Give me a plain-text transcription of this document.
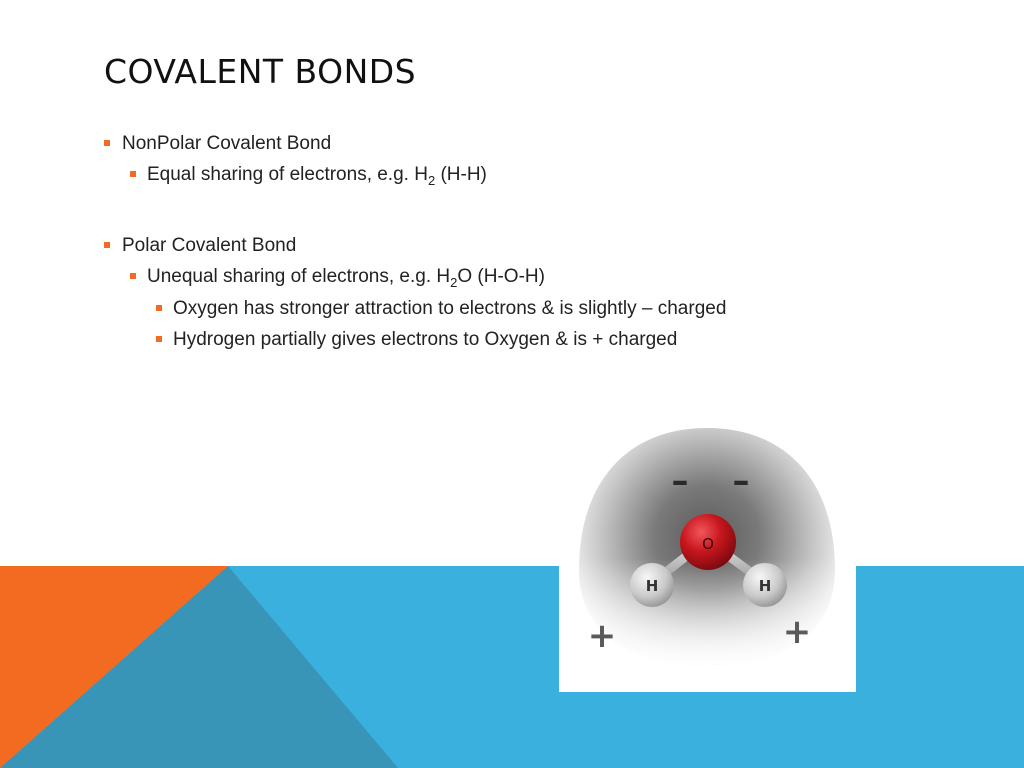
COVALENT BONDS
NonPolar Covalent Bond
Equal sharing of electrons, e.g. $H_2$ (H-H)
Polar Covalent Bond
Unequal sharing of electrons, e.g. $H_2O$ (H-O-H)
Oxygen has stronger attraction to electrons & is slightly – charged
Hydrogen partially gives electrons to Oxygen & is + charged
H	H
O
– –
+	+
